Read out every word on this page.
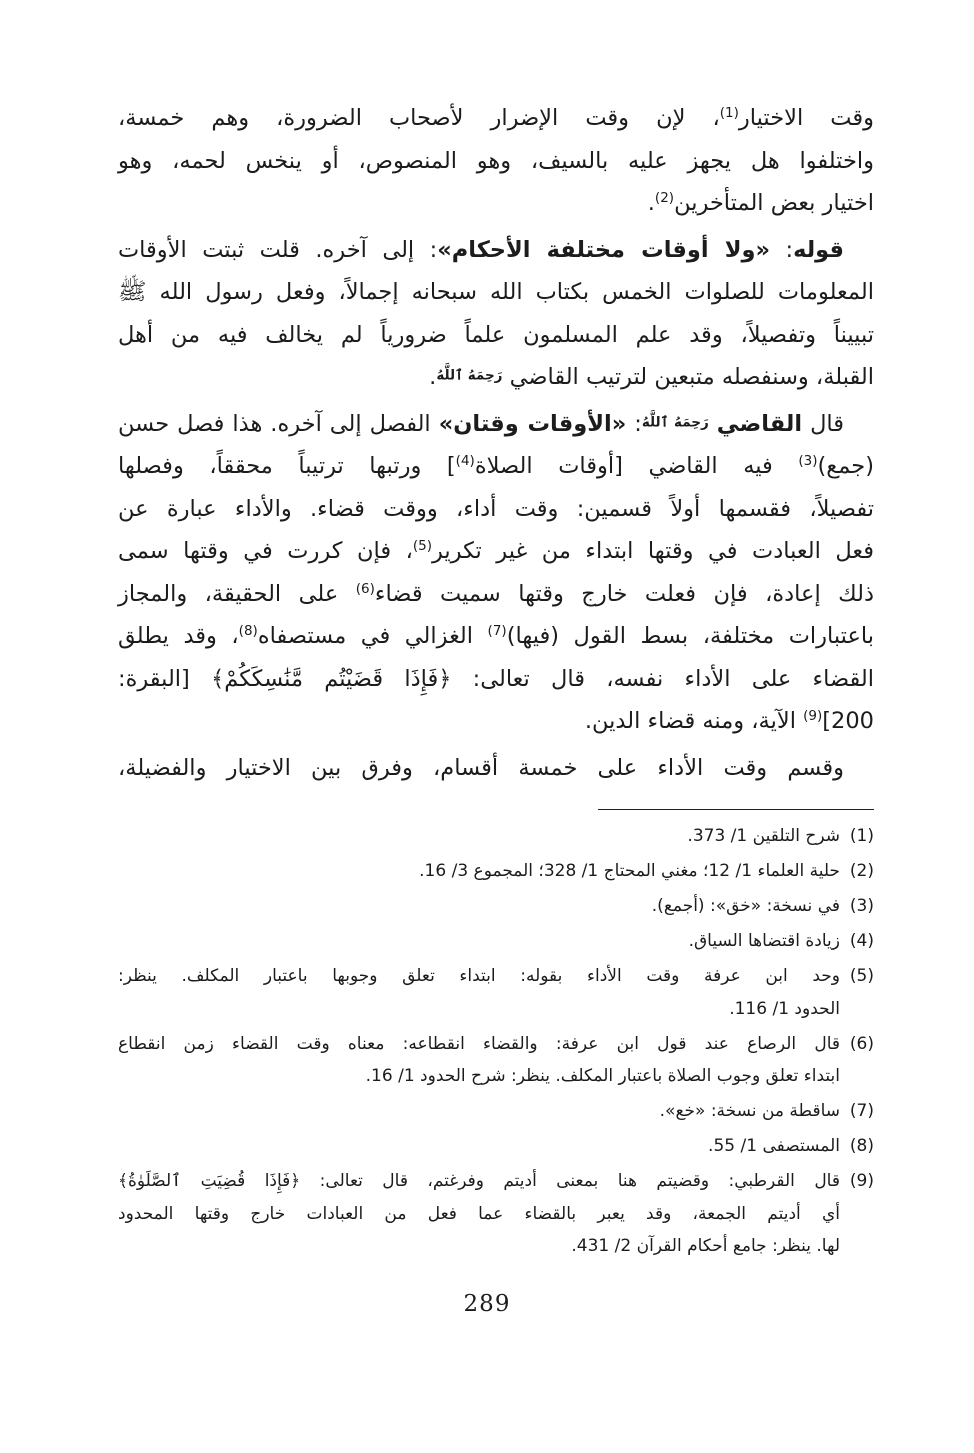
وقت الاختيار$^{(1)}$، لإن وقت الإضرار لأصحاب الضرورة، وهم خمسة،
واختلفوا هل يجهز عليه بالسيف، وهو المنصوص، أو ينخس لحمه، وهو
اختيار بعض المتأخرين$^{(2)}$.
قوله: «ولا أوقات مختلفة الأحكام»: إلى آخره. قلت ثبتت الأوقات
المعلومات للصلوات الخمس بكتاب الله سبحانه إجمالاً، وفعل رسول الله ﷺ
تبييناً وتفصيلاً، وقد علم المسلمون علماً ضرورياً لم يخالف فيه من أهل
القبلة، وسنفصله متبعين لترتيب القاضي $^{رَحِمَهُ ٱللَّهُ}$.
قال القاضي $^{رَحِمَهُ ٱللَّهُ}$: «الأوقات وقتان» الفصل إلى آخره. هذا فصل حسن
(جمع)$^{(3)}$ فيه القاضي [أوقات الصلاة$^{(4)}$] ورتبها ترتيباً محققاً، وفصلها
تفصيلاً، فقسمها أولاً قسمين: وقت أداء، ووقت قضاء. والأداء عبارة عن
فعل العبادت في وقتها ابتداء من غير تكرير$^{(5)}$، فإن كررت في وقتها سمى
ذلك إعادة، فإن فعلت خارج وقتها سميت قضاء$^{(6)}$ على الحقيقة، والمجاز
باعتبارات مختلفة، بسط القول (فيها)$^{(7)}$ الغزالي في مستصفاه$^{(8)}$، وقد يطلق
القضاء على الأداء نفسه، قال تعالى: ﴿فَإِذَا قَضَيْتُم مَّنَٰسِكَكُمْ﴾ [البقرة:
200]$^{(9)}$ الآية، ومنه قضاء الدين.
وقسم وقت الأداء على خمسة أقسام، وفرق بين الاختيار والفضيلة،
(1)
شرح التلقين 1/ 373.
(2)
حلية العلماء 1/ 12؛ مغني المحتاج 1/ 328؛ المجموع 3/ 16.
(3)
في نسخة: «خق»: (أجمع).
(4)
زيادة اقتضاها السياق.
(5)
وحد ابن عرفة وقت الأداء بقوله: ابتداء تعلق وجوبها باعتبار المكلف. ينظر:
الحدود 1/ 116.
(6)
قال الرصاع عند قول ابن عرفة: والقضاء انقطاعه: معناه وقت القضاء زمن انقطاع
ابتداء تعلق وجوب الصلاة باعتبار المكلف. ينظر: شرح الحدود 1/ 16.
(7)
ساقطة من نسخة: «خع».
(8)
المستصفى 1/ 55.
(9)
قال القرطبي: وقضيتم هنا بمعنى أديتم وفرغتم، قال تعالى: ﴿فَإِذَا قُضِيَتِ ٱلصَّلَوٰةُ﴾
أي أديتم الجمعة، وقد يعبر بالقضاء عما فعل من العبادات خارج وقتها المحدود
لها. ينظر: جامع أحكام القرآن 2/ 431.
289
